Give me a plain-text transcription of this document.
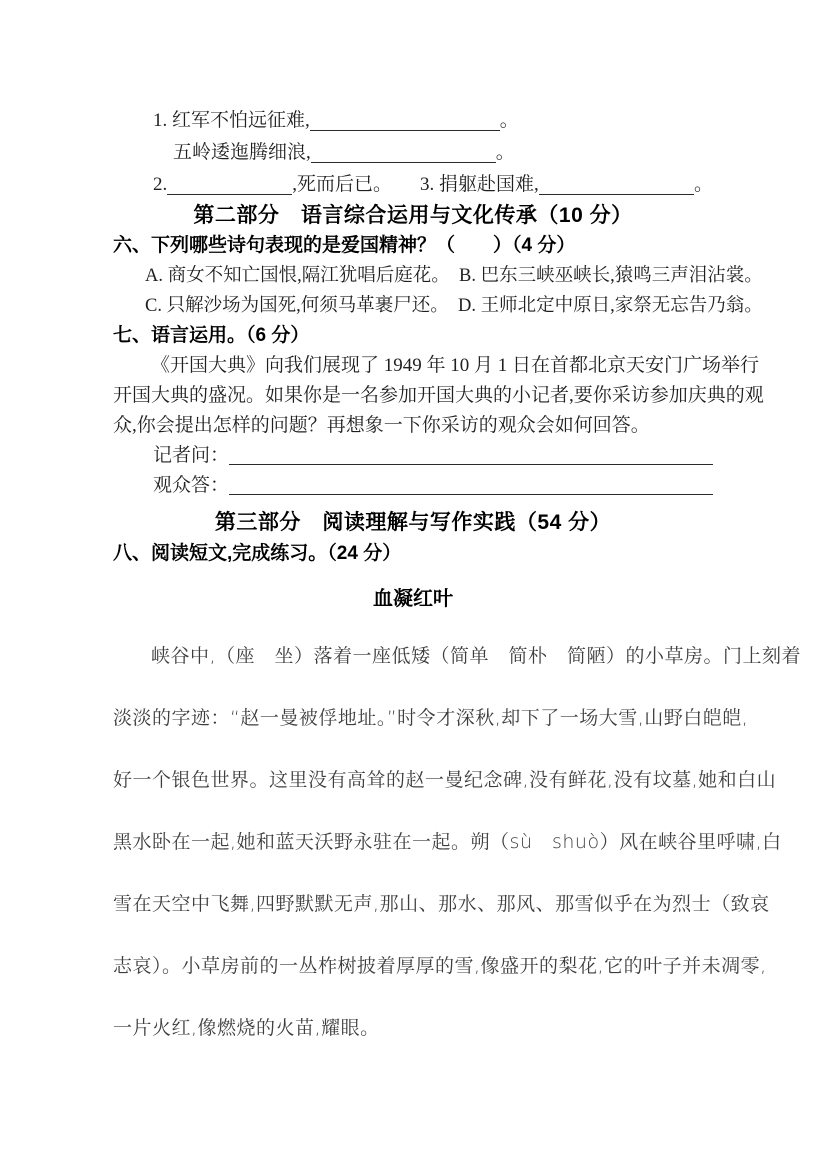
1. 红军不怕远征难,	。
五岭逶迤腾细浪,	。
2.	,死而后已。 3. 捐躯赴国难,	。
第二部分　语言综合运用与文化传承（10 分）
六、下列哪些诗句表现的是爱国精神？（　　）（4 分）
A. 商女不知亡国恨,隔江犹唱后庭花。　B. 巴东三峡巫峡长,猿鸣三声泪沾裳。
C. 只解沙场为国死,何须马革裹尸还。　D. 王师北定中原日,家祭无忘告乃翁。
七、语言运用。（6 分）
《开国大典》向我们展现了 1949 年 10 月 1 日在首都北京天安门广场举行
开国大典的盛况。如果你是一名参加开国大典的小记者,要你采访参加庆典的观
众,你会提出怎样的问题？再想象一下你采访的观众会如何回答。
记者问：
观众答：
第三部分　阅读理解与写作实践（54 分）
八、阅读短文,完成练习。（24 分）
血凝红叶
峡谷中,（座　坐）落着一座低矮（简单　简朴　简陋）的小草房。门上刻着
淡淡的字迹：“赵一曼被俘地址。”时令才深秋,却下了一场大雪,山野白皑皑,
好一个银色世界。这里没有高耸的赵一曼纪念碑,没有鲜花,没有坟墓,她和白山
黑水卧在一起,她和蓝天沃野永驻在一起。朔（sù　shuò）风在峡谷里呼啸,白
雪在天空中飞舞,四野默默无声,那山、那水、那风、那雪似乎在为烈士（致哀
志哀）。小草房前的一丛柞树披着厚厚的雪,像盛开的梨花,它的叶子并未凋零,
一片火红,像燃烧的火苗,耀眼。
